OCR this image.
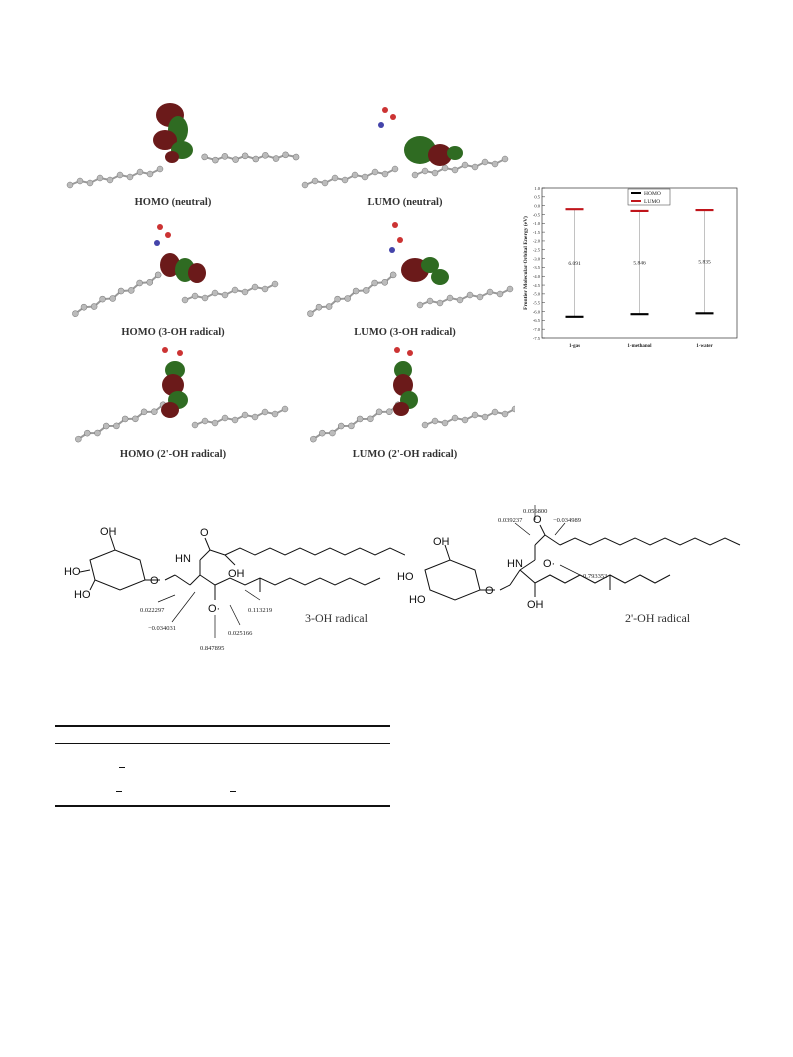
HOMO (neutral)	LUMO (neutral)
HOMO (3-OH radical)	LUMO (3-OH radical)
HOMO (2'-OH radical)	LUMO (2'-OH radical)
1.0
0.5
0.0
-0.5
-1.0
-1.5
-2.0
-2.5
-3.0
-3.5
-4.0
-4.5
-5.0
-5.5
-6.0
-6.5
-7.0
-7.5
6.091	5.846	5.835
1-gas	1-methanol	1-water
Frontier Molecular Orbital Energy (eV)
HOMO
LUMO
OH
HO
HO
O
O
HN
OH
O·
0.022297
−0.034031
0.847895
0.025166
0.113219
3-OH radical
OH
HO
HO
O
O
HN O·
OH
0.056800
0.039237	−0.034989
0.793353
2'-OH radical
